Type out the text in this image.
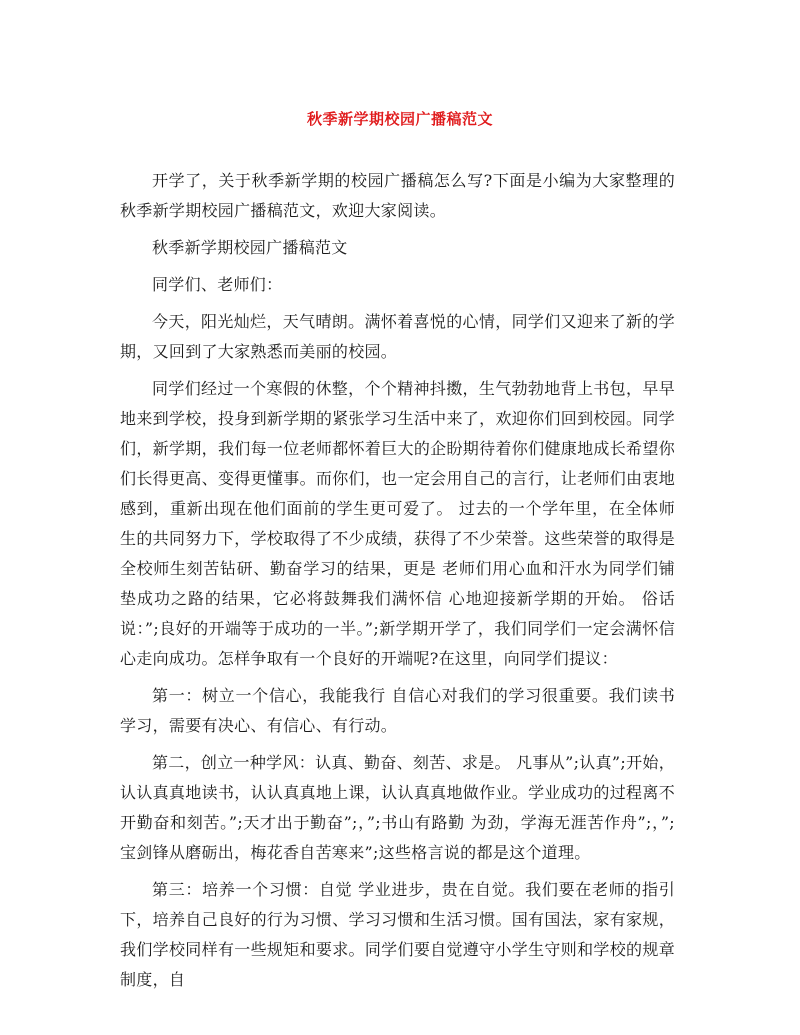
秋季新学期校园广播稿范文

开学了，关于秋季新学期的校园广播稿怎么写?下面是小编为大家整理的秋季新学期校园广播稿范文，欢迎大家阅读。

秋季新学期校园广播稿范文

同学们、老师们：

今天，阳光灿烂，天气晴朗。满怀着喜悦的心情，同学们又迎来了新的学期，又回到了大家熟悉而美丽的校园。

同学们经过一个寒假的休整，个个精神抖擞，生气勃勃地背上书包，早早地来到学校，投身到新学期的紧张学习生活中来了，欢迎你们回到校园。同学们，新学期，我们每一位老师都怀着巨大的企盼期待着你们健康地成长希望你们长得更高、变得更懂事。而你们，也一定会用自己的言行，让老师们由衷地感到，重新出现在他们面前的学生更可爱了。 过去的一个学年里，在全体师生的共同努力下，学校取得了不少成绩，获得了不少荣誉。这些荣誉的取得是全校师生刻苦钻研、勤奋学习的结果，更是 老师们用心血和汗水为同学们铺垫成功之路的结果，它必将鼓舞我们满怀信 心地迎接新学期的开始。 俗话说：”;良好的开端等于成功的一半。”;新学期开学了，我们同学们一定会满怀信心走向成功。怎样争取有一个良好的开端呢?在这里，向同学们提议：

第一：树立一个信心，我能我行 自信心对我们的学习很重要。我们读书学习，需要有决心、有信心、有行动。

第二，创立一种学风：认真、勤奋、刻苦、求是。 凡事从”;认真”;开始，认认真真地读书，认认真真地上课，认认真真地做作业。学业成功的过程离不开勤奋和刻苦。”;天才出于勤奋”;，”;书山有路勤 为劲，学海无涯苦作舟”;，”;宝剑锋从磨砺出，梅花香自苦寒来”;这些格言说的都是这个道理。

第三：培养一个习惯：自觉 学业进步，贵在自觉。我们要在老师的指引下，培养自己良好的行为习惯、学习习惯和生活习惯。国有国法，家有家规，我们学校同样有一些规矩和要求。同学们要自觉遵守小学生守则和学校的规章制度，自
